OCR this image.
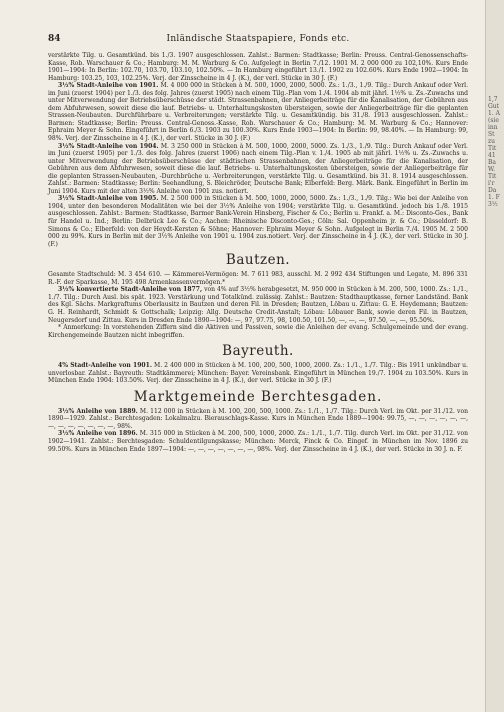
84	Inländische Staatspapiere, Fonds etc.

verstärkte Tilg. u. Gesamtkünd. bis 1./3. 1907 ausgeschlossen. Zahlst.: Barmen: Stadtkasse; Berlin: Preuss. Central-Genossenschafts-Kasse, Rob. Warschauer & Co.; Hamburg: M. M. Warburg & Co. Aufgelegt in Berlin 7./12. 1901 M. 2 000 000 zu 102,10%. Kurs Ende 1901—1904: In Berlin: 102.70, 103.70, 103.10, 102.50%. — In Hamburg eingeführt 13./1. 1902 zu 102.60%. Kurs Ende 1902—1904: In Hamburg: 103.25, 103, 102.25%. Verj. der Zinsscheine in 4 J. (K.), der verl. Stücke in 30 J. (F.)

3½% Stadt-Anleihe von 1901. M. 4 000 000 in Stücken à M. 500, 1000, 2000, 5000. Zs.: 1./3., 1./9. Tilg.: Durch Ankauf oder Verl. im Juni (zuerst 1904) per 1./3. des folg. Jahres (zuerst 1905) nach einem Tilg.-Plan vom 1./4. 1904 ab mit jährl. 1½% u. Zs.-Zuwachs und unter Mitverwendung der Betriebsüberschüsse der städt. Strassenbahnen, der Anliegerbeiträge für die Kanalisation, der Gebühren aus dem Abfuhrwesen, soweit diese die lauf. Betriebs- u. Unterhaltungskosten übersteigen, sowie der Anliegerbeiträge für die geplanten Strassen-Neubauten. Durchführbare u. Verbreiterungen; verstärkte Tilg. u. Gesamtkündig. bis 31./8. 1913 ausgeschlossen. Zahlst.: Barmen: Stadtkasse; Berlin: Preuss. Central-Genoss.-Kasse, Rob. Warschauer & Co.; Hamburg: M. M. Warburg & Co.; Hannover: Ephraim Meyer & Sohn. Eingeführt in Berlin 6./3. 1903 zu 100.30%. Kurs Ende 1903—1904: In Berlin: 99, 98.40%. — In Hamburg: 99, 98%. Verj. der Zinsscheine in 4 J. (K.), der verl. Stücke in 30 J. (F.)

3½% Stadt-Anleihe von 1904. M. 3 250 000 in Stücken à M. 500, 1000, 2000, 5000. Zs. 1./3., 1./9. Tilg.: Durch Ankauf oder Verl. im Juni (zuerst 1905) per 1./3. des folg. Jahres (zuerst 1906) nach einem Tilg.-Plan v. 1./4. 1905 ab mit jährl. 1½% u. Zs.-Zuwachs u. unter Mitverwendung der Betriebsüberschüsse der städtischen Strassenbahnen, der Anliegerbeiträge für die Kanalisation, der Gebühren aus dem Abfuhrwesen, soweit diese die lauf. Betriebs- u. Unterhaltungskosten übersteigen, sowie der Anliegerbeiträge für die geplanten Strassen-Neubauten, -Durchbrüche u. -Verbreiterungen, verstärkte Tilg. u. Gesamtkünd. bis 31. 8. 1914 ausgeschlossen. Zahlst.: Barmen: Stadtkasse; Berlin: Seehandlung, S. Bleichröder, Deutsche Bank; Elberfeld: Berg. Märk. Bank. Eingeführt in Berlin im Juni 1904. Kurs mit der alten 3½% Anleihe von 1901 zus. notiert.

3½% Stadt-Anleihe von 1905. M. 2 500 000 in Stücken à M. 500, 1000, 2000, 5000. Zs.: 1./3., 1./9. Tilg.: Wie bei der Anleihe von 1904, unter den besonderen Modalitäten wie bei der 3½% Anleihe von 1904; verstärkte Tilg. u. Gesamtkünd. jedoch bis 1./8. 1915 ausgeschlossen. Zahlst.: Barmen: Stadtkasse, Barmer Bank-Verein Hinsberg, Fischer & Co.; Berlin u. Frankf. a. M.: Disconto-Ges., Bank für Handel u. Ind.; Berlin: Delbrück Leo & Co.; Aachen: Rheinische Disconto-Ges.; Cöln: Sal. Oppenheim jr. & Co.; Düsseldorf: B. Simons & Co.; Elberfeld: von der Heydt-Kersten & Söhne; Hannover: Ephraim Meyer & Sohn. Aufgelegt in Berlin 7./4. 1905 M. 2 500 000 zu 99%. Kurs in Berlin mit der 3½% Anleihe von 1901 u. 1904 zus.notiert. Verj. der Zinsscheine in 4 J. (K.), der verl. Stücke in 30 J. (F.)

Bautzen.

Gesamte Stadtschuld: M. 3 454 610. — Kämmerei-Vermögen: M. 7 611 983, ausschl. M. 2 992 434 Stiftungen und Legate, M. 896 331 R.-F. der Sparkasse, M. 195 498 Armenkassenvermögen.*

3½% konvertierte Stadt-Anleihe von 1877, von 4% auf 3½% herabgesetzt, M. 950 000 in Stücken à M. 200, 500, 1000. Zs.: 1./1., 1./7. Tilg.: Durch Ausl. bis spät. 1923. Verstärkung und Totalkünd. zulässig. Zahlst.: Bautzen: Stadthauptkasse, ferner Landständ. Bank des Kgl. Sächs. Markgraftums Oberlausitz in Bautzen und deren Fil. in Dresden; Bautzen, Löbau u. Zittau: G. E. Heydemann; Bautzen: G. H. Reinhardt, Schmidt & Gottschalk; Leipzig: Allg. Deutsche Credit-Anstalt; Löbau: Löbauer Bank, sowie deren Fil. in Bautzen, Neugersdorf und Zittau. Kurs in Dresden Ende 1890—1904: —, 97, 97.75, 98, 100.50, 101.50, —, —, —, 97.50, —, —, 95.50%.

* Anmerkung: In vorstehenden Ziffern sind die Aktiven und Passiven, sowie die Anleihen der evang. Schulgemeinde und der evang. Kirchengemeinde Bautzen nicht inbegriffen.

Bayreuth.

4% Stadt-Anleihe von 1901. M. 2 400 000 in Stücken à M. 100, 200, 500, 1000, 2000. Zs.: 1./1., 1./7. Tilg.: Bis 1911 unkündbar u. unverlosbar. Zahlst.: Bayreuth: Stadtkämmerei; München: Bayer. Vereinsbank. Eingeführt in München 19./7. 1904 zu 103.50%. Kurs in München Ende 1904: 103.50%. Verj. der Zinsscheine in 4 J. (K.), der verl. Stücke in 30 J. (F.)

Marktgemeinde Berchtesgaden.

3½% Anleihe von 1889. M. 112 000 in Stücken à M. 100, 200, 500, 1000. Zs.: 1./1., 1./7. Tilg.: Durch Verl. im Okt. per 31./12. von 1890—1929. Zahlst.: Berchtesgaden: Lokalmalzu. Bierauschlags-Kasse. Kurs in München Ende 1889—1904: 99.75, —, —, —, —, —, —, —, —, —, —, —, —, —, 98%.

3½% Anleihe von 1896. M. 315 000 in Stücken à M. 200, 500, 1000, 2000. Zs.: 1./1., 1./7. Tilg. durch Verl. im Okt. per 31./12. von 1902—1941. Zahlst.: Berchtesgaden: Schuldentilgungskasse; München: Merck, Finck & Co. Eingef. in München im Nov. 1896 zu 99.50%. Kurs in München Ende 1897—1904: —, —, —, —, —, —, —, 98%. Verj. der Zinsscheine in 4 J. (K.), der verl. Stücke in 30 J. n. F.

1,7
Gut
1. A
(sie
inn
St
zu
Tit
41
Ba
W.
Tit
i'r
Da
1. F
3½
